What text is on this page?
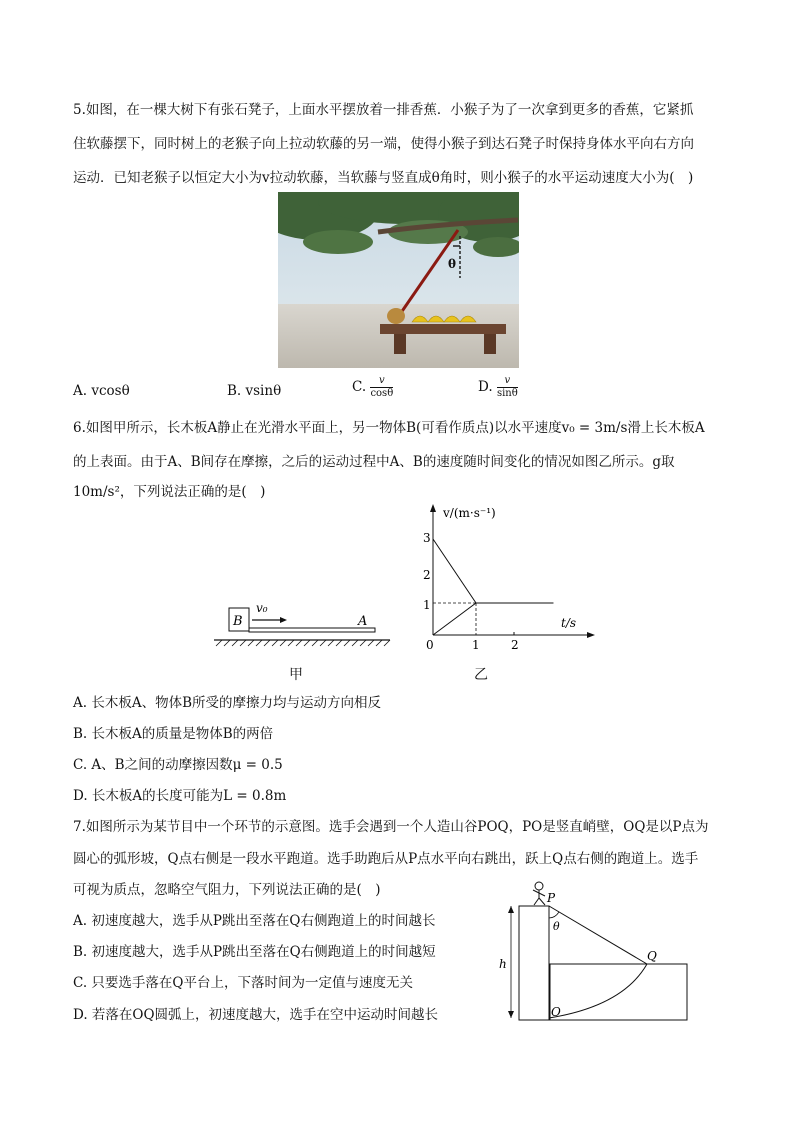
5.如图，在一棵大树下有张石凳子，上面水平摆放着一排香蕉．小猴子为了一次拿到更多的香蕉，它紧抓
住软藤摆下，同时树上的老猴子向上拉动软藤的另一端，使得小猴子到达石凳子时保持身体水平向右方向
运动．已知老猴子以恒定大小为v拉动软藤，当软藤与竖直成θ角时，则小猴子的水平运动速度大小为(　)
θ
A. vcosθ	B. vsinθ	C. $\frac{v}{\cos\theta}$	D. $\frac{v}{\sin\theta}$
6.如图甲所示，长木板A静止在光滑水平面上，另一物体B(可看作质点)以水平速度v₀ = 3m/s滑上长木板A
的上表面。由于A、B间存在摩擦，之后的运动过程中A、B的速度随时间变化的情况如图乙所示。g取
10m/s²，下列说法正确的是(　)
B	A
v₀
甲
v/(m·s⁻¹)
t/s
0
1
2
3
1	2
乙
A. 长木板A、物体B所受的摩擦力均与运动方向相反
B. 长木板A的质量是物体B的两倍
C. A、B之间的动摩擦因数μ = 0.5
D. 长木板A的长度可能为L = 0.8m
7.如图所示为某节目中一个环节的示意图。选手会遇到一个人造山谷POQ，PO是竖直峭壁，OQ是以P点为
圆心的弧形坡，Q点右侧是一段水平跑道。选手助跑后从P点水平向右跳出，跃上Q点右侧的跑道上。选手
可视为质点，忽略空气阻力，下列说法正确的是(　)
A. 初速度越大，选手从P跳出至落在Q右侧跑道上的时间越长
B. 初速度越大，选手从P跳出至落在Q右侧跑道上的时间越短
C. 只要选手落在Q平台上，下落时间为一定值与速度无关
D. 若落在OQ圆弧上，初速度越大，选手在空中运动时间越长
θ
h
P
Q
O
